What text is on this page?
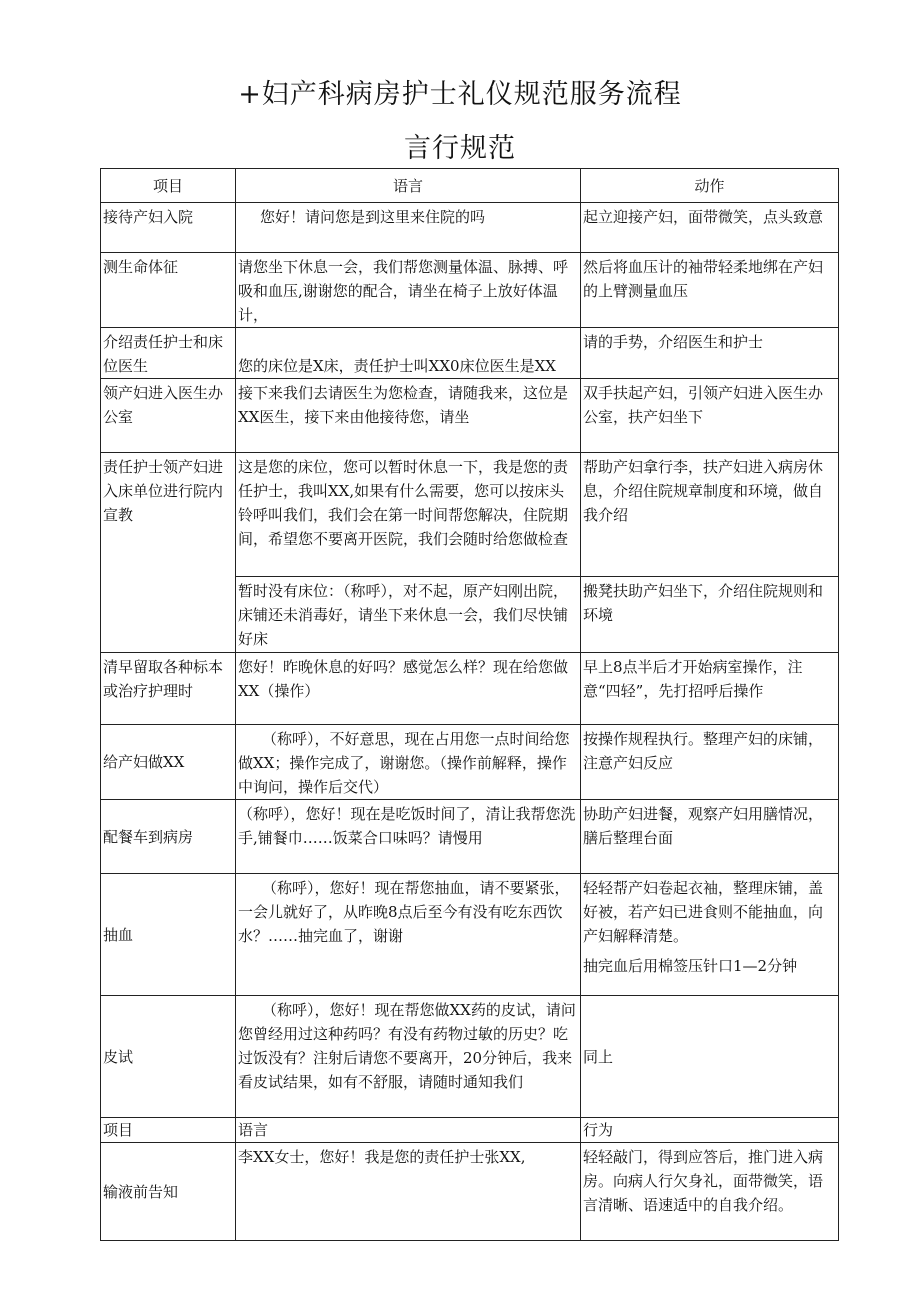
+妇产科病房护士礼仪规范服务流程
言行规范
项目	语言	动作
接待产妇入院	您好！请问您是到这里来住院的吗	起立迎接产妇，面带微笑，点头致意
测生命体征	请您坐下休息一会，我们帮您测量体温、脉搏、呼吸和血压,谢谢您的配合，请坐在椅子上放好体温计，	然后将血压计的袖带轻柔地绑在产妇的上臂测量血压
介绍责任护士和床位医生	您的床位是X床，责任护士叫XX0床位医生是XX	请的手势，介绍医生和护士
领产妇进入医生办公室	接下来我们去请医生为您检查，请随我来，这位是XX医生，接下来由他接待您，请坐	双手扶起产妇，引领产妇进入医生办公室，扶产妇坐下
责任护士领产妇进入床单位进行院内宣教	这是您的床位，您可以暂时休息一下，我是您的责任护士，我叫XX,如果有什么需要，您可以按床头铃呼叫我们，我们会在第一时间帮您解决，住院期间，希望您不要离开医院，我们会随时给您做检查	帮助产妇拿行李，扶产妇进入病房休息，介绍住院规章制度和环境，做自我介绍
	暂时没有床位：（称呼），对不起，原产妇刚出院，床铺还未消毒好，请坐下来休息一会，我们尽快铺好床	搬凳扶助产妇坐下，介绍住院规则和环境
清早留取各种标本或治疗护理时	您好！昨晚休息的好吗？感觉怎么样？现在给您做XX（操作）	早上8点半后才开始病室操作，注意“四轻”，先打招呼后操作
给产妇做XX	（称呼），不好意思，现在占用您一点时间给您做XX；操作完成了，谢谢您。（操作前解释，操作中询问，操作后交代）	按操作规程执行。整理产妇的床铺，注意产妇反应
配餐车到病房	（称呼），您好！现在是吃饭时间了，清让我帮您洗手,铺餐巾……饭菜合口味吗？请慢用	协助产妇进餐，观察产妇用膳情况，膳后整理台面
抽血	（称呼），您好！现在帮您抽血，请不要紧张，一会儿就好了，从昨晚8点后至今有没有吃东西饮水？……抽完血了，谢谢	轻轻帮产妇卷起衣袖，整理床铺，盖好被，若产妇已进食则不能抽血，向产妇解释清楚。
抽完血后用棉签压针口1—2分钟

皮试	（称呼），您好！现在帮您做XX药的皮试，请问您曾经用过这种药吗？有没有药物过敏的历史？吃过饭没有？注射后请您不要离开，20分钟后，我来看皮试结果，如有不舒服，请随时通知我们	同上
项目	语言	行为
输液前告知	李XX女士，您好！我是您的责任护士张XX,	轻轻敲门，得到应答后，推门进入病房。向病人行欠身礼，面带微笑，语言清晰、语速适中的自我介绍。
